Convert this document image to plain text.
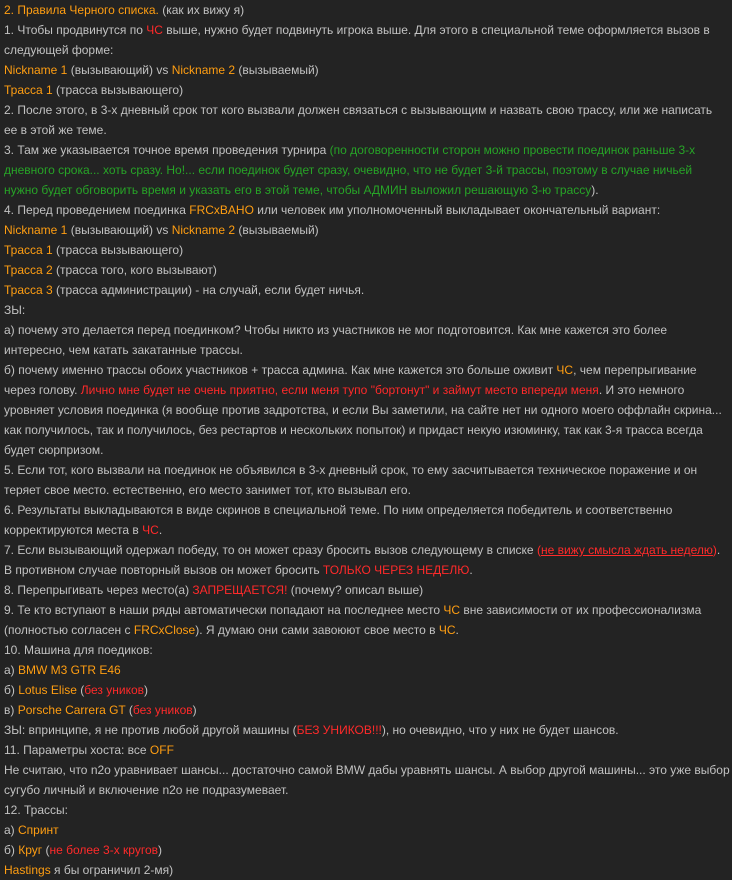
2. Правила Черного списка. (как их вижу я)
1. Чтобы продвинутся по ЧС выше, нужно будет подвинуть игрока выше. Для этого в специальной теме оформляется вызов в
следующей форме:
Nickname 1 (вызывающий) vs Nickname 2 (вызываемый)
Трасса 1 (трасса вызывающего)
2. После этого, в 3-х дневный срок тот кого вызвали должен связаться с вызывающим и назвать свою трассу, или же написать
ее в этой же теме.
3. Там же указывается точное время проведения турнира (по договоренности сторон можно провести поединок раньше 3-х
дневного срока... хоть сразу. Но!... если поединок будет сразу, очевидно, что не будет 3-й трассы, поэтому в случае ничьей
нужно будет обговорить время и указать его в этой теме, чтобы АДМИН выложил решающую 3-ю трассу).
4. Перед проведением поединка FRCxBAHO или человек им уполномоченный выкладывает окончательный вариант:
Nickname 1 (вызывающий) vs Nickname 2 (вызываемый)
Трасса 1 (трасса вызывающего)
Трасса 2 (трасса того, кого вызывают)
Трасса 3 (трасса администрации) - на случай, если будет ничья.
ЗЫ:
а) почему это делается перед поединком? Чтобы никто из участников не мог подготовится. Как мне кажется это более
интересно, чем катать закатанные трассы.
б) почему именно трассы обоих участников + трасса админа. Как мне кажется это больше оживит ЧС, чем перепрыгивание
через голову. Лично мне будет не очень приятно, если меня тупо "бортонут" и займут место впереди меня. И это немного
уровняет условия поединка (я вообще против задротства, и если Вы заметили, на сайте нет ни одного моего оффлайн скрина...
как получилось, так и получилось, без рестартов и нескольких попыток) и придаст некую изюминку, так как 3-я трасса всегда
будет сюрпризом.
5. Если тот, кого вызвали на поединок не объявился в 3-х дневный срок, то ему засчитывается техническое поражение и он
теряет свое место. естественно, его место занимет тот, кто вызывал его.
6. Результаты выкладываются в виде скринов в специальной теме. По ним определяется победитель и соответственно
корректируются места в ЧС.
7. Если вызывающий одержал победу, то он может сразу бросить вызов следующему в списке (не вижу смысла ждать неделю).
В противном случае повторный вызов он может бросить ТОЛЬКО ЧЕРЕЗ НЕДЕЛЮ.
8. Перепрыгивать через место(а) ЗАПРЕЩАЕТСЯ! (почему? описал выше)
9. Те кто вступают в наши ряды автоматически попадают на последнее место ЧС вне зависимости от их профессионализма
(полностью согласен с FRCxClose). Я думаю они сами завоюют свое место в ЧС.
10. Машина для поедиков:
а) BMW M3 GTR E46
б) Lotus Elise (без уников)
в) Porsche Carrera GT (без уников)
ЗЫ: впринципе, я не против любой другой машины (БЕЗ УНИКОВ!!!), но очевидно, что у них не будет шансов.
11. Параметры хоста: все OFF
Не считаю, что n2o уравнивает шансы... достаточно самой BMW дабы уравнять шансы. А выбор другой машины... это уже выбор
сугубо личный и включение n2o не подразумевает.
12. Трассы:
а) Спринт
б) Круг (не более 3-х кругов)
Hastings я бы ограничил 2-мя)
